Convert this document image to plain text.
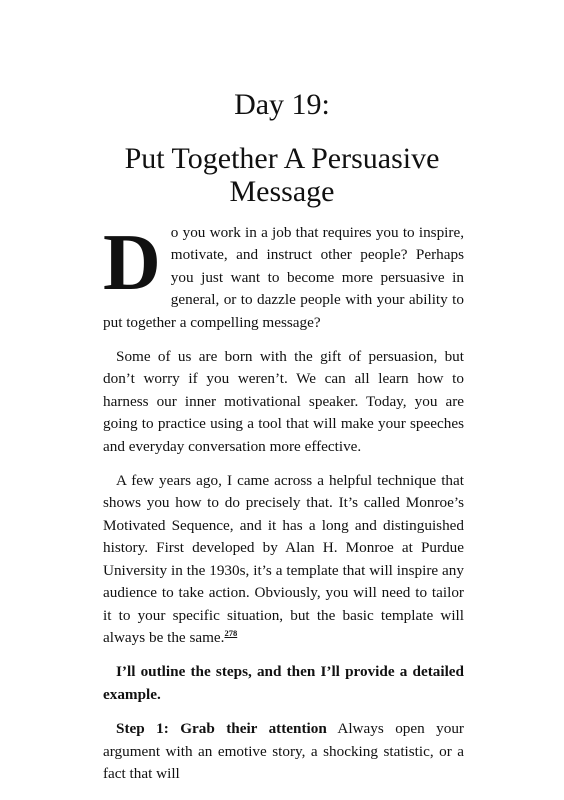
Day 19:
Put Together A Persuasive Message

Do you work in a job that requires you to inspire, motivate, and instruct other people? Perhaps you just want to become more persuasive in general, or to dazzle people with your ability to put together a compelling message?

Some of us are born with the gift of persuasion, but don’t worry if you weren’t. We can all learn how to harness our inner motivational speaker. Today, you are going to practice using a tool that will make your speeches and everyday conversation more effective.

A few years ago, I came across a helpful technique that shows you how to do precisely that. It’s called Monroe’s Motivated Sequence, and it has a long and distinguished history. First developed by Alan H. Monroe at Purdue University in the 1930s, it’s a template that will inspire any audience to take action. Obviously, you will need to tailor it to your specific situation, but the basic template will always be the same.$^{278}$

I’ll outline the steps, and then I’ll provide a detailed example.

Step 1: Grab their attention Always open your argument with an emotive story, a shocking statistic, or a fact that will
